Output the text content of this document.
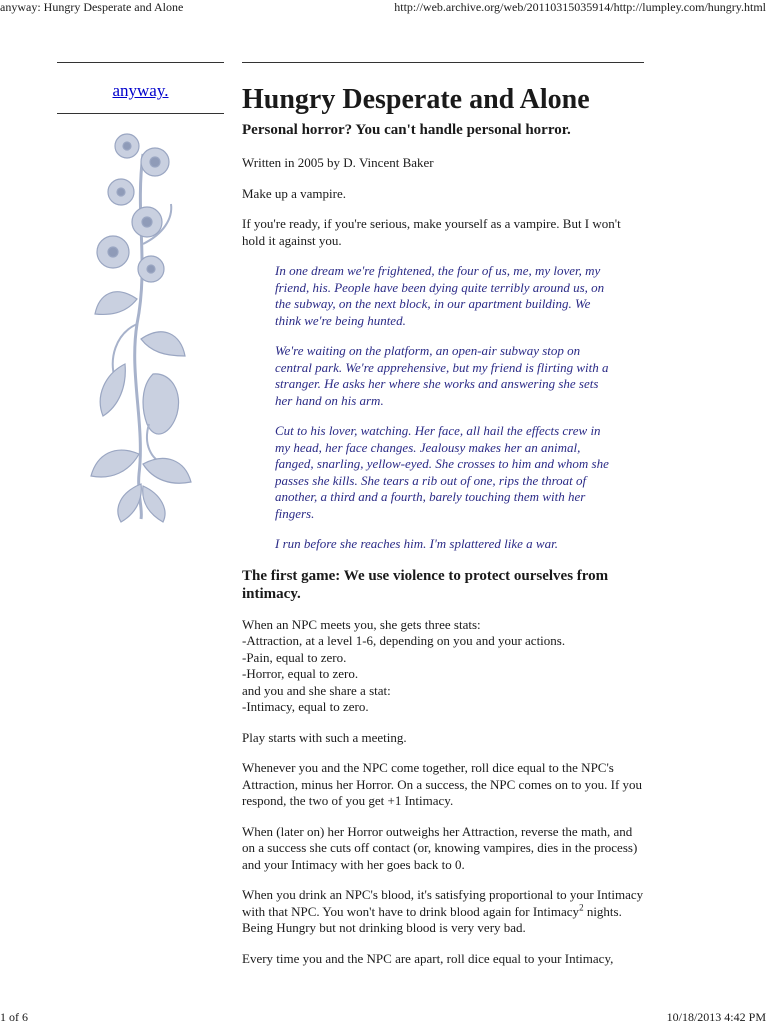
anyway: Hungry Desperate and Alone	http://web.archive.org/web/20110315035914/http://lumpley.com/hungry.html
anyway.	Hungry Desperate and Alone
Personal horror? You can't handle personal horror.

Written in 2005 by D. Vincent Baker

Make up a vampire.

If you're ready, if you're serious, make yourself as a vampire. But I won't hold it against you.

In one dream we're frightened, the four of us, me, my lover, my friend, his. People have been dying quite terribly around us, on the subway, on the next block, in our apartment building. We think we're being hunted.

We're waiting on the platform, an open-air subway stop on central park. We're apprehensive, but my friend is flirting with a stranger. He asks her where she works and answering she sets her hand on his arm.

Cut to his lover, watching. Her face, all hail the effects crew in my head, her face changes. Jealousy makes her an animal, fanged, snarling, yellow-eyed. She crosses to him and whom she passes she kills. She tears a rib out of one, rips the throat of another, a third and a fourth, barely touching them with her fingers.

I run before she reaches him. I'm splattered like a war.

The first game: We use violence to protect ourselves from intimacy.

When an NPC meets you, she gets three stats:
-Attraction, at a level 1-6, depending on you and your actions.
-Pain, equal to zero.
-Horror, equal to zero.
and you and she share a stat:
-Intimacy, equal to zero.

Play starts with such a meeting.

Whenever you and the NPC come together, roll dice equal to the NPC's Attraction, minus her Horror. On a success, the NPC comes on to you. If you respond, the two of you get +1 Intimacy.

When (later on) her Horror outweighs her Attraction, reverse the math, and on a success she cuts off contact (or, knowing vampires, dies in the process) and your Intimacy with her goes back to 0.

When you drink an NPC's blood, it's satisfying proportional to your Intimacy with that NPC. You won't have to drink blood again for Intimacy$^2$ nights. Being Hungry but not drinking blood is very very bad.

Every time you and the NPC are apart, roll dice equal to your Intimacy,

1 of 6	10/18/2013 4:42 PM
